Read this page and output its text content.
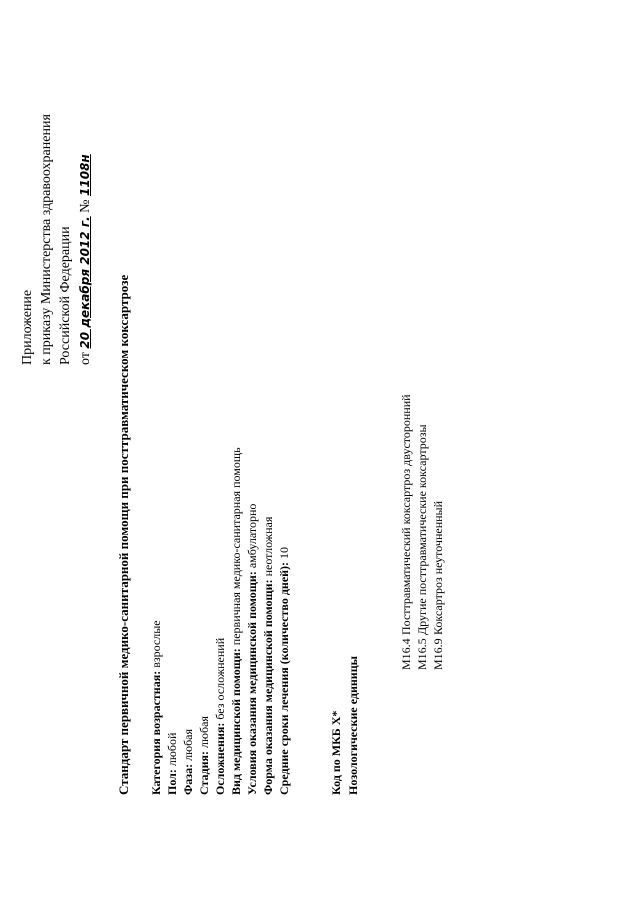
Приложение к приказу Министерства здравоохранения Российской Федерации от 20 декабря 2012 г. № 1108н
Стандарт первичной медико-санитарной помощи при посттравматическом коксартрозе Категория возрастная: взрослые
Пол: любой
Фаза: любая
Стадия: любая Осложнения: без осложнений Вид медицинской помощи: первичная медико-санитарная помощь
Условия оказания медицинской помощи: амбулаторно
Форма оказания медицинской помощи: неотложная
Средние сроки лечения (количество дней): 10
Код по МКБ X* Нозологические единицы
M16.4 Посттравматический коксартроз двусторонний
M16.5 Другие посттравматические коксартрозы
M16.9 Коксартроз неуточненный
